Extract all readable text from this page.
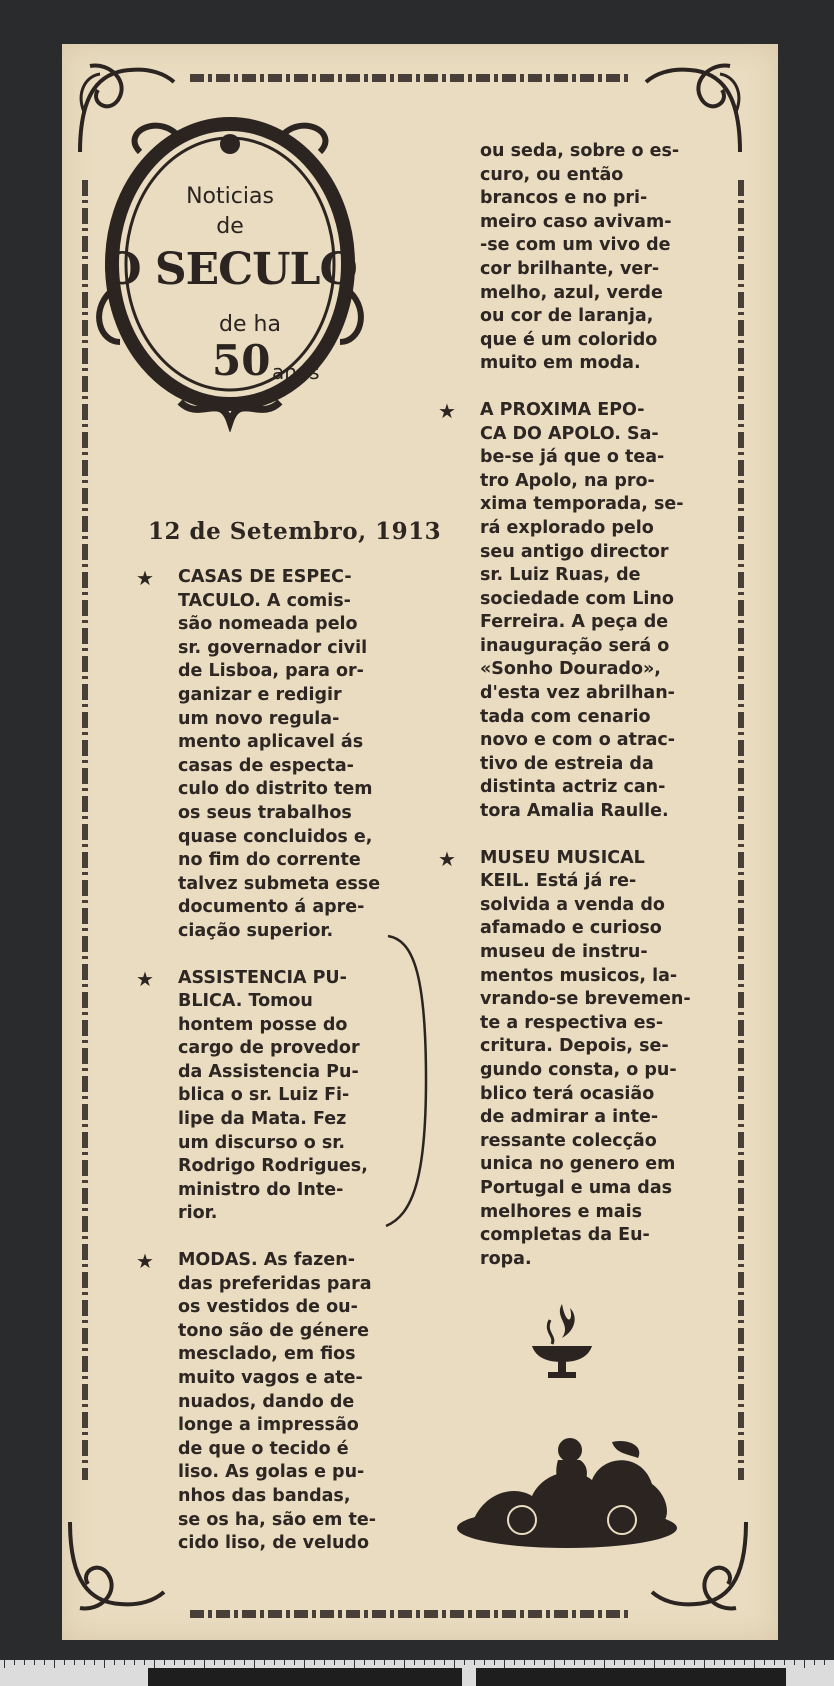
Noticias
de
O SECULO
de ha
50 anos
12 de Setembro, 1913
★ CASAS DE ESPEC-
TACULO. A comis-
são nomeada pelo
sr. governador civil
de Lisboa, para or-
ganizar e redigir
um novo regula-
mento aplicavel ás
casas de especta-
culo do distrito tem
os seus trabalhos
quase concluidos e,
no fim do corrente
talvez submeta esse
documento á apre-
ciação superior.
★ ASSISTENCIA PU-
BLICA. Tomou
hontem posse do
cargo de provedor
da Assistencia Pu-
blica o sr. Luiz Fi-
lipe da Mata. Fez
um discurso o sr.
Rodrigo Rodrigues,
ministro do Inte-
rior.
★ MODAS. As fazen-
das preferidas para
os vestidos de ou-
tono são de génere
mesclado, em fios
muito vagos e ate-
nuados, dando de
longe a impressão
de que o tecido é
liso. As golas e pu-
nhos das bandas,
se os ha, são em te-
cido liso, de veludo
ou seda, sobre o es-
curo, ou então
brancos e no pri-
meiro caso avivam-
-se com um vivo de
cor brilhante, ver-
melho, azul, verde
ou cor de laranja,
que é um colorido
muito em moda.
★ A PROXIMA EPO-
CA DO APOLO. Sa-
be-se já que o tea-
tro Apolo, na pro-
xima temporada, se-
rá explorado pelo
seu antigo director
sr. Luiz Ruas, de
sociedade com Lino
Ferreira. A peça de
inauguração será o
«Sonho Dourado»,
d'esta vez abrilhan-
tada com cenario
novo e com o atrac-
tivo de estreia da
distinta actriz can-
tora Amalia Raulle.
★ MUSEU MUSICAL
KEIL. Está já re-
solvida a venda do
afamado e curioso
museu de instru-
mentos musicos, la-
vrando-se brevemen-
te a respectiva es-
critura. Depois, se-
gundo consta, o pu-
blico terá ocasião
de admirar a inte-
ressante colecção
unica no genero em
Portugal e uma das
melhores e mais
completas da Eu-
ropa.
